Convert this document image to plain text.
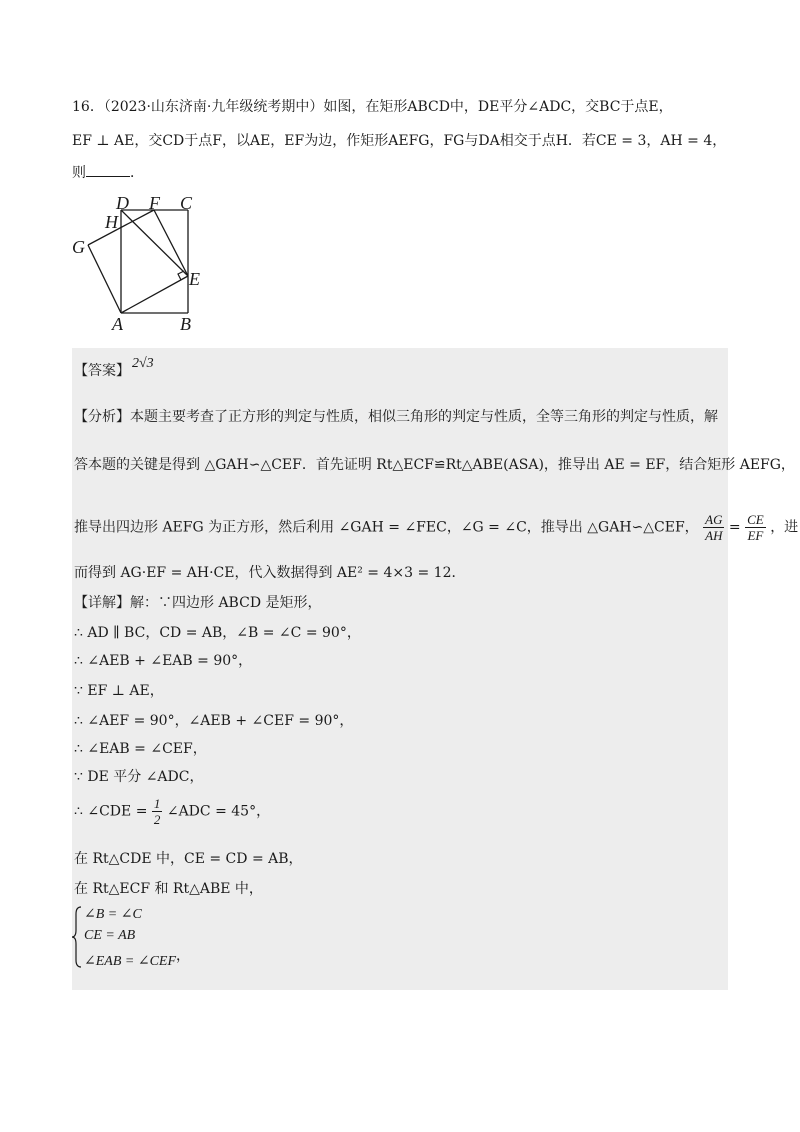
16．（2023·山东济南·九年级统考期中）如图，在矩形ABCD中，DE平分∠ADC，交BC于点E，
EF ⊥ AE，交CD于点F，以AE，EF为边，作矩形AEFG，FG与DA相交于点H．若CE = 3，AH = 4，
则	．
D F C
H
G
E
A	B
【答案】 2√3
【分析】本题主要考查了正方形的判定与性质，相似三角形的判定与性质，全等三角形的判定与性质，解
答本题的关键是得到 △GAH∽△CEF．首先证明 Rt△ECF≌Rt△ABE(ASA)，推导出 AE = EF，结合矩形 AEFG，
推导出四边形 AEFG 为正方形，然后利用 ∠GAH = ∠FEC，∠G = ∠C，推导出 △GAH∽△CEF， $\frac{AG}{AH} = \frac{CE}{EF}$ ，进
而得到 AG·EF = AH·CE，代入数据得到 AE² = 4×3 = 12．
【详解】解：∵四边形 ABCD 是矩形，
∴ AD ∥ BC，CD = AB，∠B = ∠C = 90°，
∴ ∠AEB + ∠EAB = 90°，
∵ EF ⊥ AE，
∴ ∠AEF = 90°，∠AEB + ∠CEF = 90°，
∴ ∠EAB = ∠CEF，
∵ DE 平分 ∠ADC，
∴ ∠CDE = $\frac{1}{2}$ ∠ADC = 45°，
在 Rt△CDE 中，CE = CD = AB，
在 Rt△ECF 和 Rt△ABE 中，
∠B = ∠C
CE = AB
∠EAB = ∠CEF，
